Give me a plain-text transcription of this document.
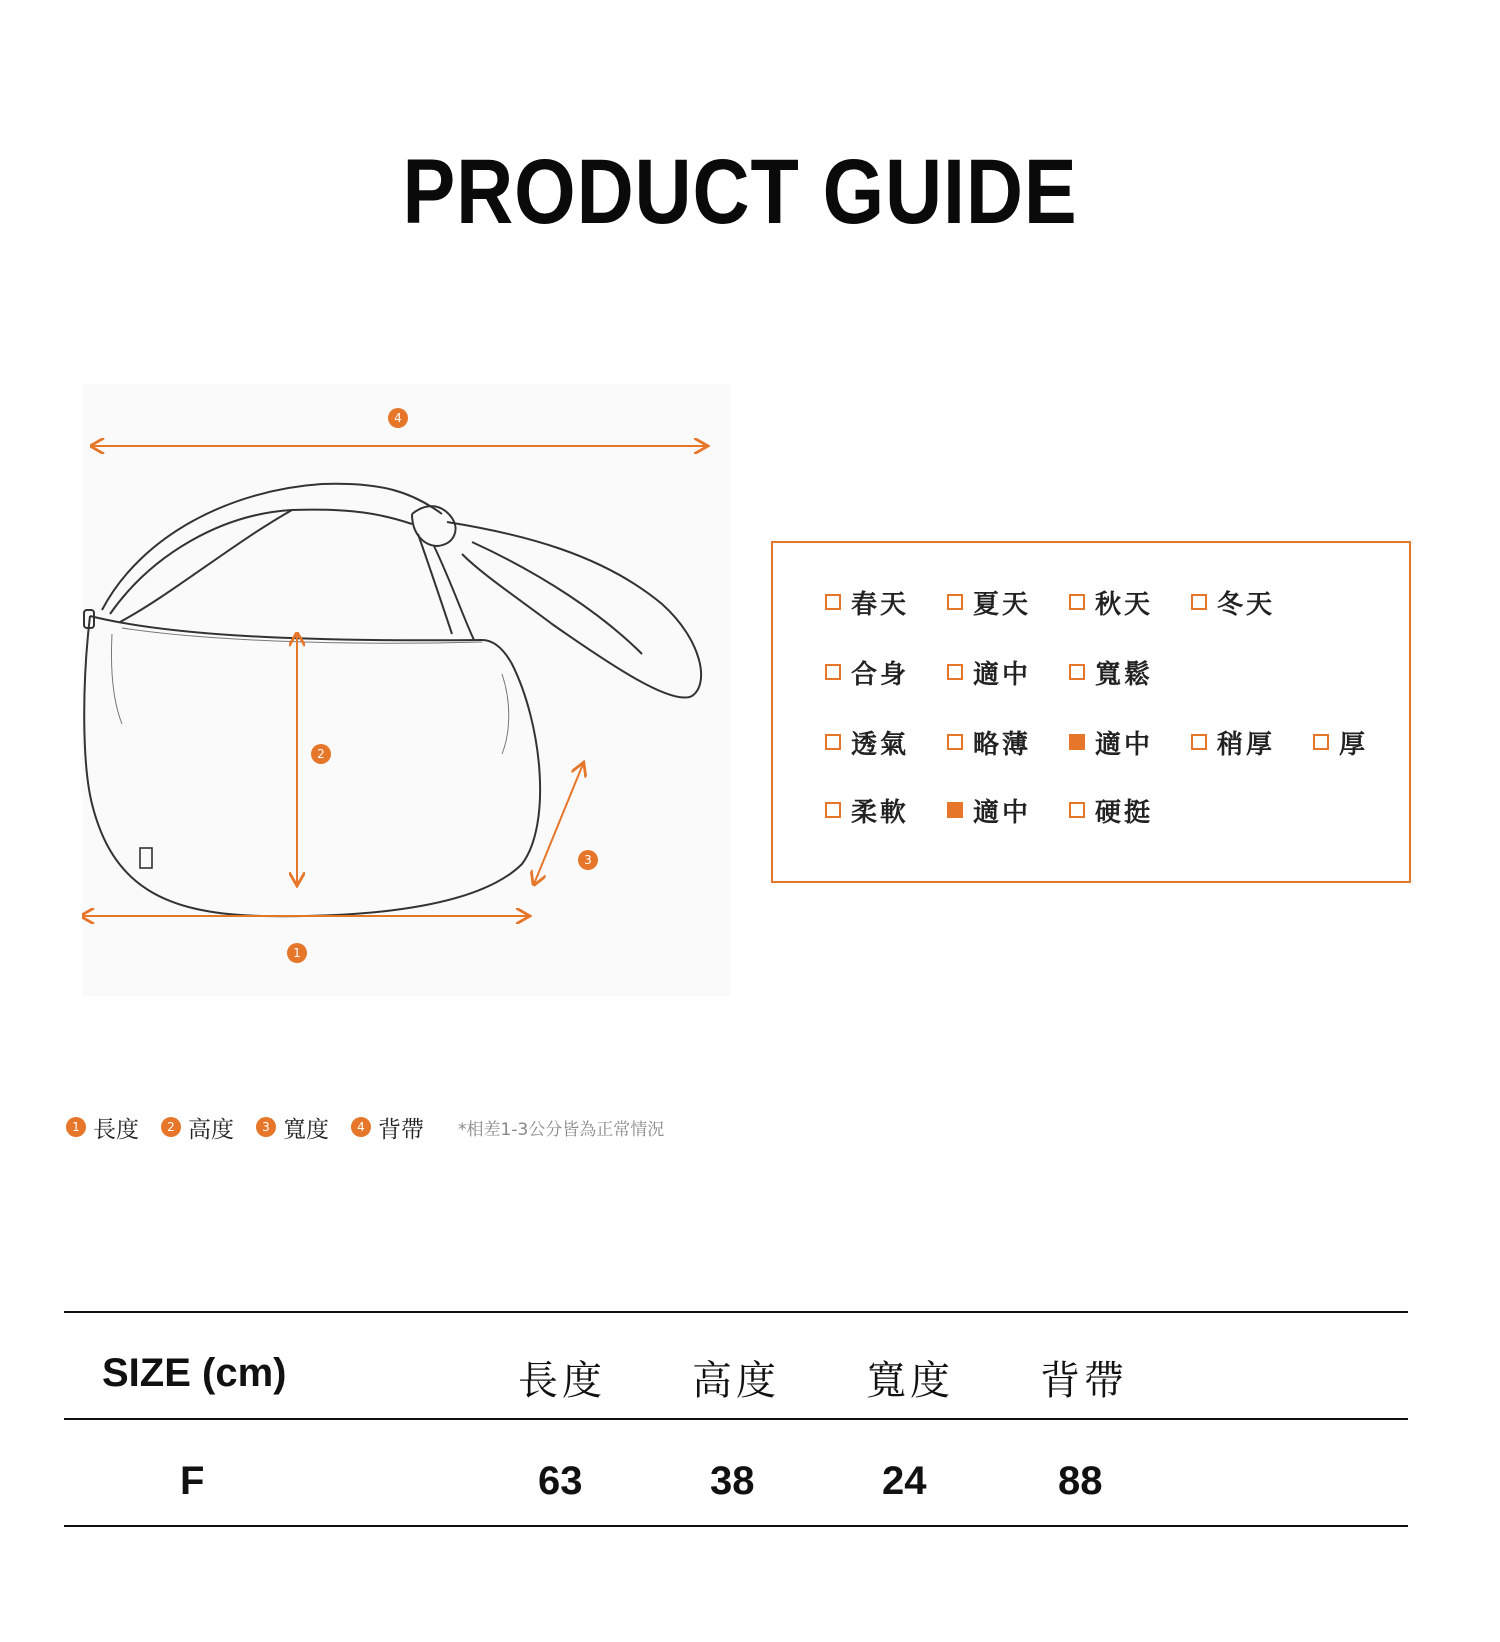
PRODUCT GUIDE
4
2
3
1
春天 夏天 秋天 冬天
合身 適中 寬鬆
透氣 略薄 適中 稍厚 厚
柔軟 適中 硬挺
1 長度	2 高度	3 寬度	4 背帶 *相差1-3公分皆為正常情況
SIZE (cm)	長度 高度 寬度 背帶
F	63	38	24	88
